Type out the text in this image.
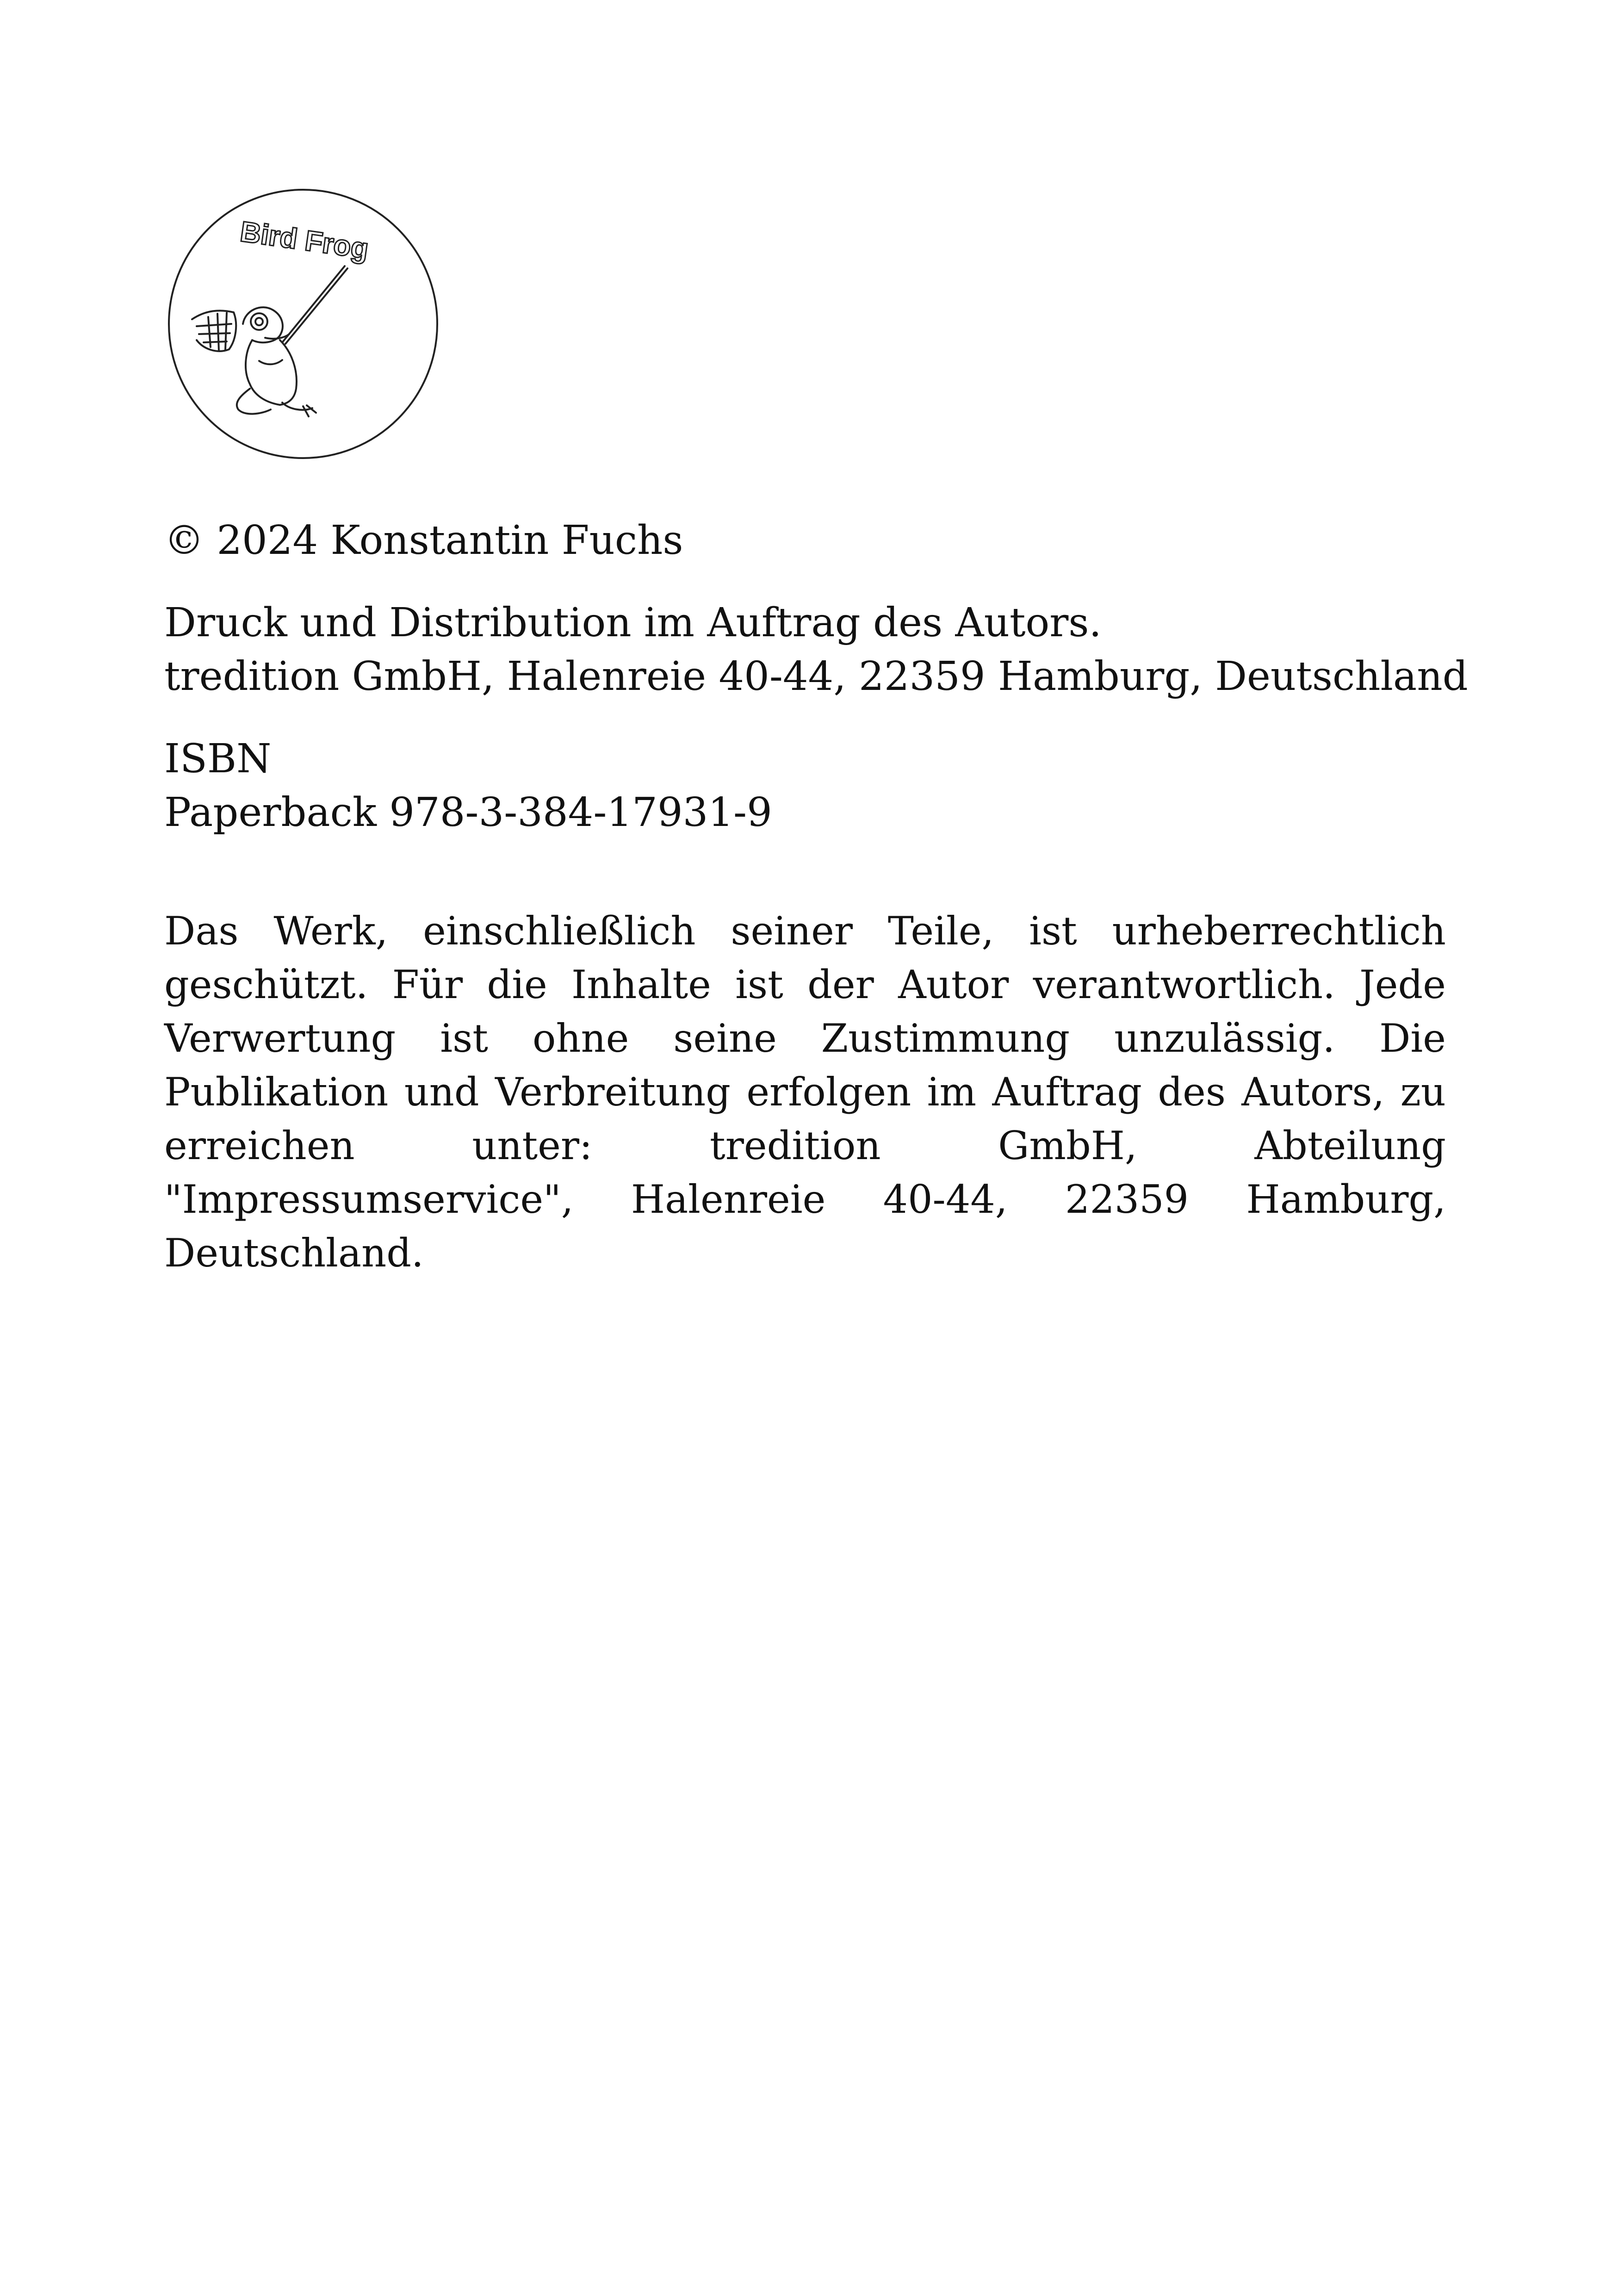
Bird Frog

© 2024 Konstantin Fuchs

Druck und Distribution im Auftrag des Autors.
tredition GmbH, Halenreie 40-44, 22359 Hamburg, Deutschland

ISBN
Paperback 978-3-384-17931-9

Das Werk, einschließlich seiner Teile, ist urheberrechtlich geschützt. Für die Inhalte ist der Autor verantwortlich. Jede Verwertung ist ohne seine Zustimmung unzulässig. Die Publikation und Verbreitung erfolgen im Auftrag des Autors, zu erreichen unter: tredition GmbH, Abteilung "Impressumservice", Halenreie 40-44, 22359 Hamburg, Deutschland.
